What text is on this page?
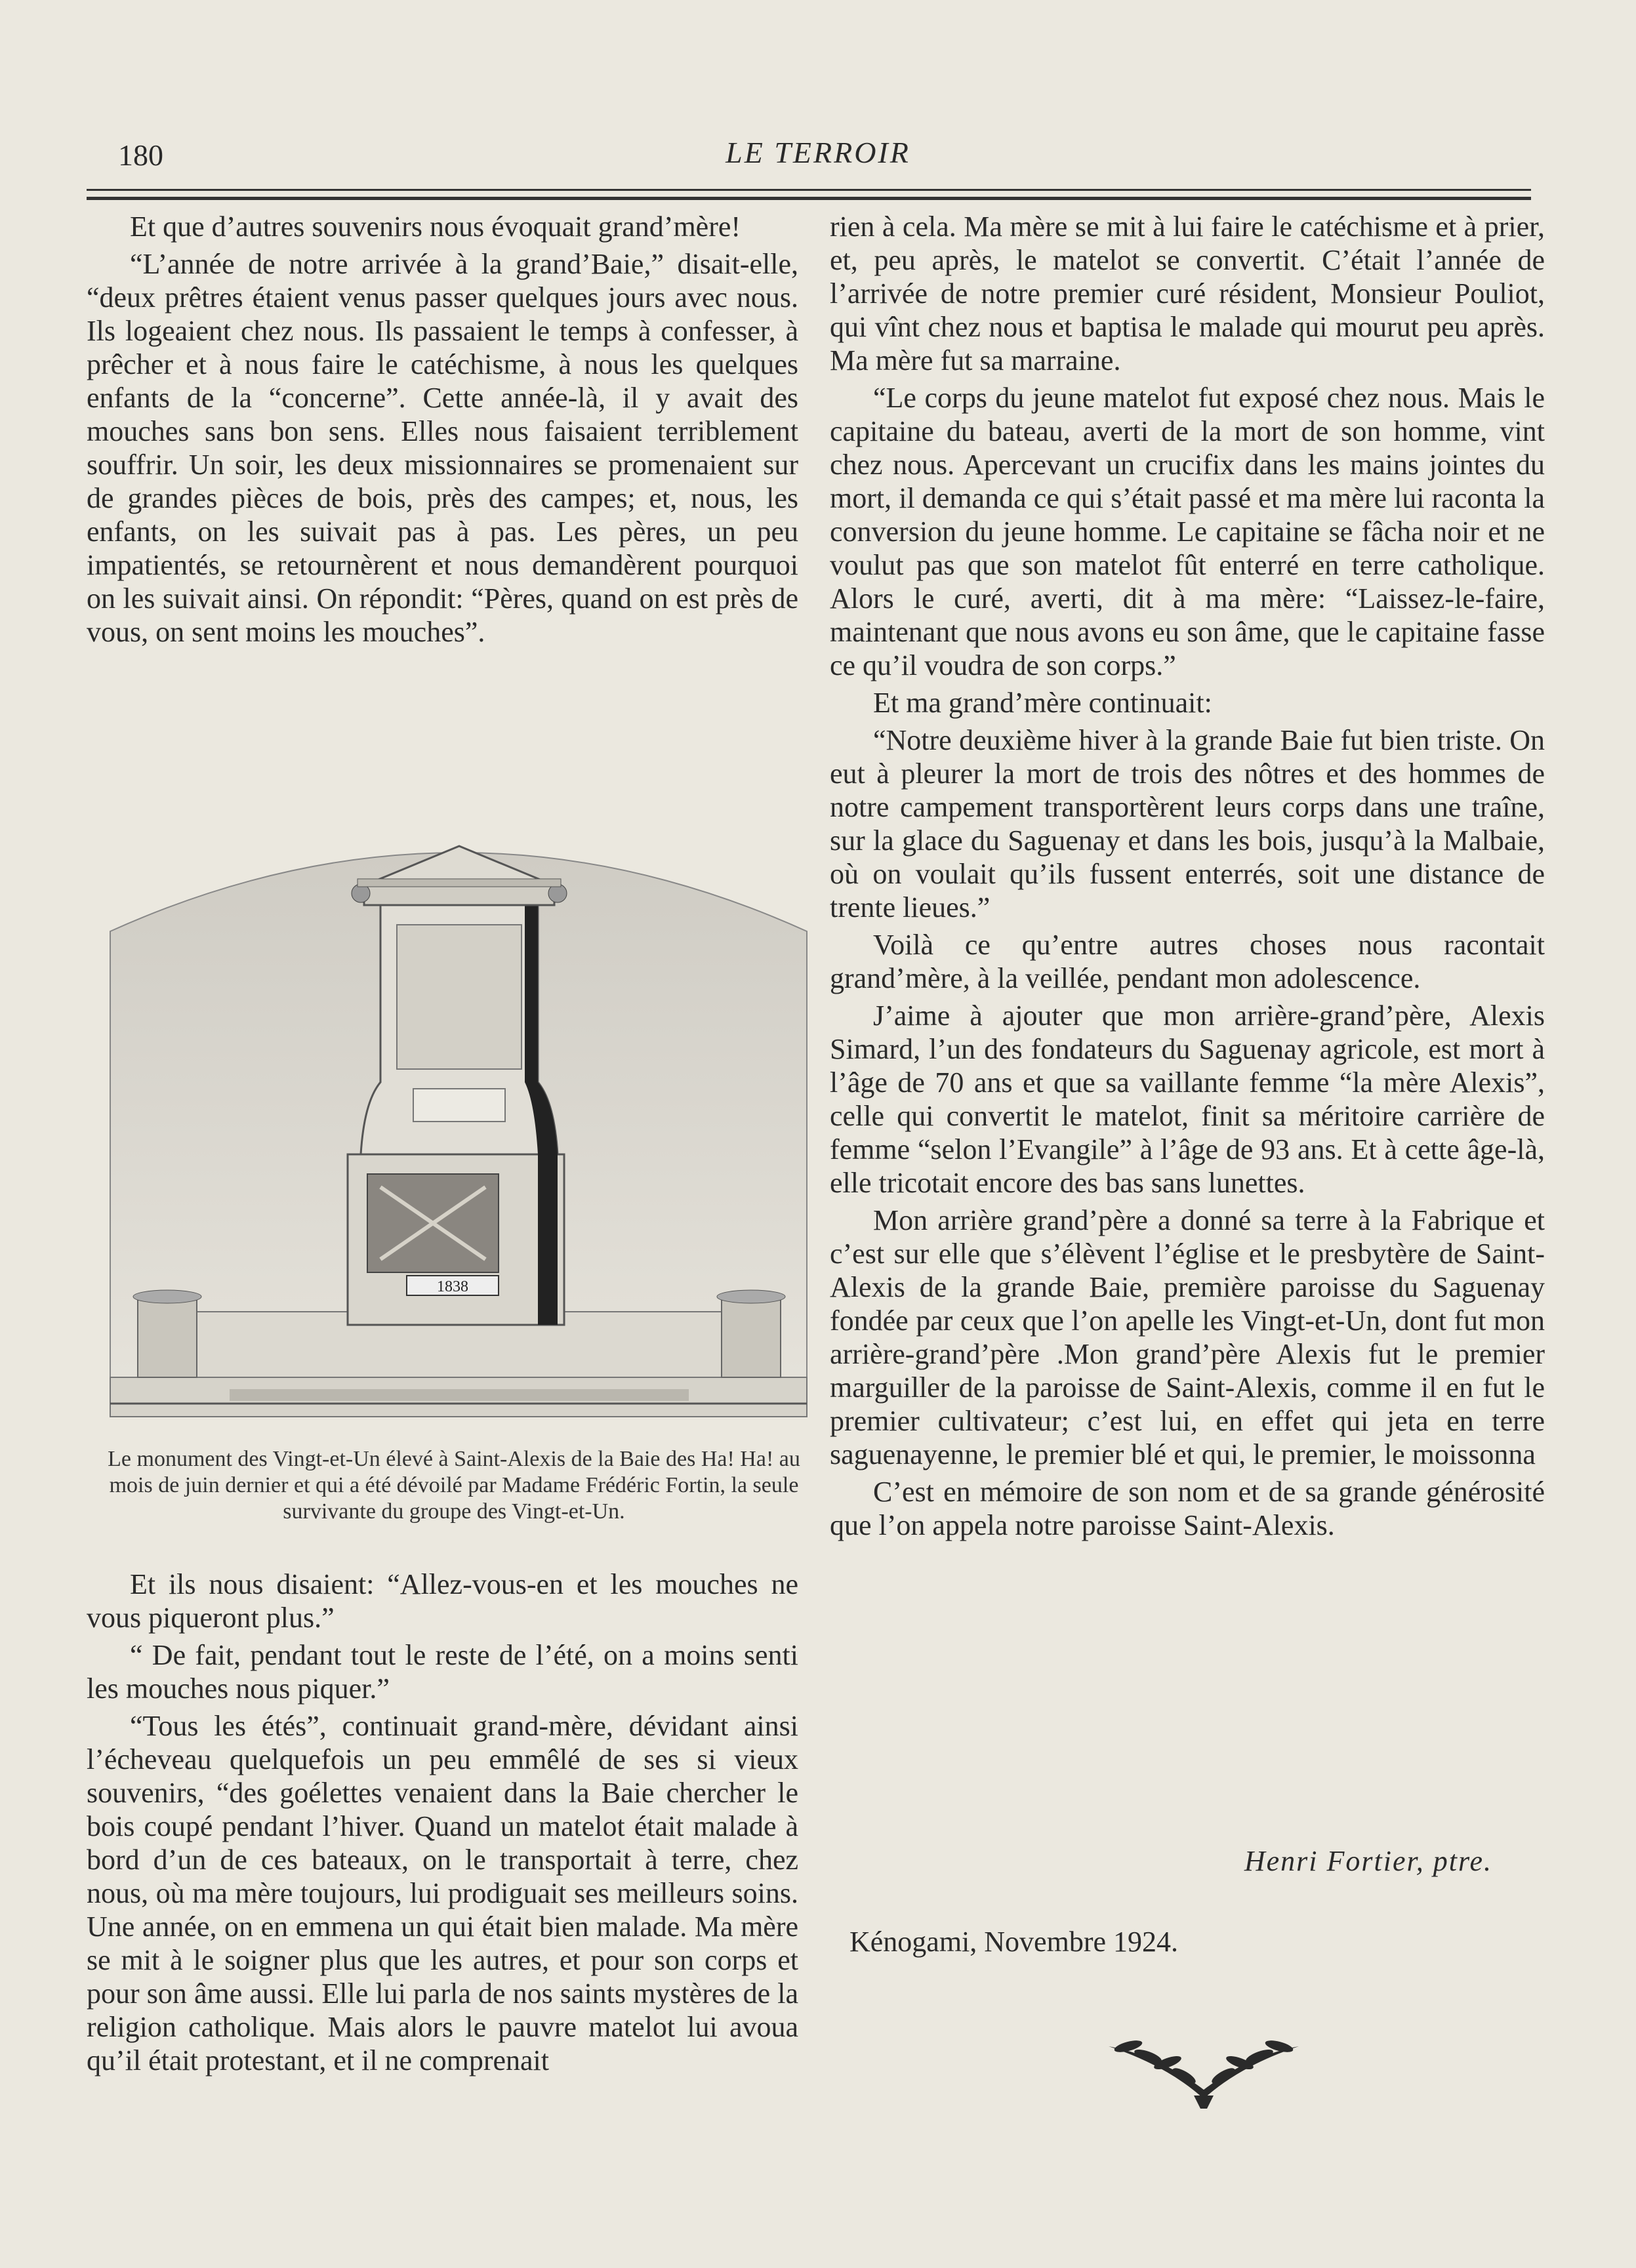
180	LE TERROIR

Et que d’autres souvenirs nous évoquait grand’mère!

“L’année de notre arrivée à la grand’Baie,” disait-elle, “deux prêtres étaient venus passer quelques jours avec nous. Ils logeaient chez nous. Ils passaient le temps à confesser, à prêcher et à nous faire le catéchisme, à nous les quelques enfants de la “concerne”. Cette année-là, il y avait des mouches sans bon sens. Elles nous faisaient terriblement souffrir. Un soir, les deux missionnaires se promenaient sur de grandes pièces de bois, près des campes; et, nous, les enfants, on les suivait pas à pas. Les pères, un peu impatientés, se retournèrent et nous demandèrent pourquoi on les suivait ainsi. On répondit: “Pères, quand on est près de vous, on sent moins les mouches”.

1838
Le monument des Vingt-et-Un élevé à Saint-Alexis de la Baie des Ha! Ha! au mois de juin dernier et qui a été dévoilé par Madame Frédéric Fortin, la seule survivante du groupe des Vingt-et-Un.

Et ils nous disaient: “Allez-vous-en et les mouches ne vous piqueront plus.”

“ De fait, pendant tout le reste de l’été, on a moins senti les mouches nous piquer.”

“Tous les étés”, continuait grand-mère, dévidant ainsi l’écheveau quelquefois un peu emmêlé de ses si vieux souvenirs, “des goélettes venaient dans la Baie chercher le bois coupé pendant l’hiver. Quand un matelot était malade à bord d’un de ces bateaux, on le transportait à terre, chez nous, où ma mère toujours, lui prodiguait ses meilleurs soins. Une année, on en emmena un qui était bien malade. Ma mère se mit à le soigner plus que les autres, et pour son corps et pour son âme aussi. Elle lui parla de nos saints mystères de la religion catholique. Mais alors le pauvre matelot lui avoua qu’il était protestant, et il ne comprenait

rien à cela. Ma mère se mit à lui faire le catéchisme et à prier, et, peu après, le matelot se convertit. C’était l’année de l’arrivée de notre premier curé résident, Monsieur Pouliot, qui vînt chez nous et baptisa le malade qui mourut peu après. Ma mère fut sa marraine.

“Le corps du jeune matelot fut exposé chez nous. Mais le capitaine du bateau, averti de la mort de son homme, vint chez nous. Apercevant un crucifix dans les mains jointes du mort, il demanda ce qui s’était passé et ma mère lui raconta la conversion du jeune homme. Le capitaine se fâcha noir et ne voulut pas que son matelot fût enterré en terre catholique. Alors le curé, averti, dit à ma mère: “Laissez-le-faire, maintenant que nous avons eu son âme, que le capitaine fasse ce qu’il voudra de son corps.”

Et ma grand’mère continuait:

“Notre deuxième hiver à la grande Baie fut bien triste. On eut à pleurer la mort de trois des nôtres et des hommes de notre campement transportèrent leurs corps dans une traîne, sur la glace du Saguenay et dans les bois, jusqu’à la Malbaie, où on voulait qu’ils fussent enterrés, soit une distance de trente lieues.”

Voilà ce qu’entre autres choses nous racontait grand’mère, à la veillée, pendant mon adolescence.

J’aime à ajouter que mon arrière-grand’père, Alexis Simard, l’un des fondateurs du Saguenay agricole, est mort à l’âge de 70 ans et que sa vaillante femme “la mère Alexis”, celle qui convertit le matelot, finit sa méritoire carrière de femme “selon l’Evangile” à l’âge de 93 ans. Et à cette âge-là, elle tricotait encore des bas sans lunettes.

Mon arrière grand’père a donné sa terre à la Fabrique et c’est sur elle que s’élèvent l’église et le presbytère de Saint-Alexis de la grande Baie, première paroisse du Saguenay fondée par ceux que l’on apelle les Vingt-et-Un, dont fut mon arrière-grand’père .Mon grand’père Alexis fut le premier marguiller de la paroisse de Saint-Alexis, comme il en fut le premier cultivateur; c’est lui, en effet qui jeta en terre saguenayenne, le premier blé et qui, le premier, le moissonna

C’est en mémoire de son nom et de sa grande générosité que l’on appela notre paroisse Saint-Alexis.

Henri Fortier, ptre.
Kénogami, Novembre 1924.
